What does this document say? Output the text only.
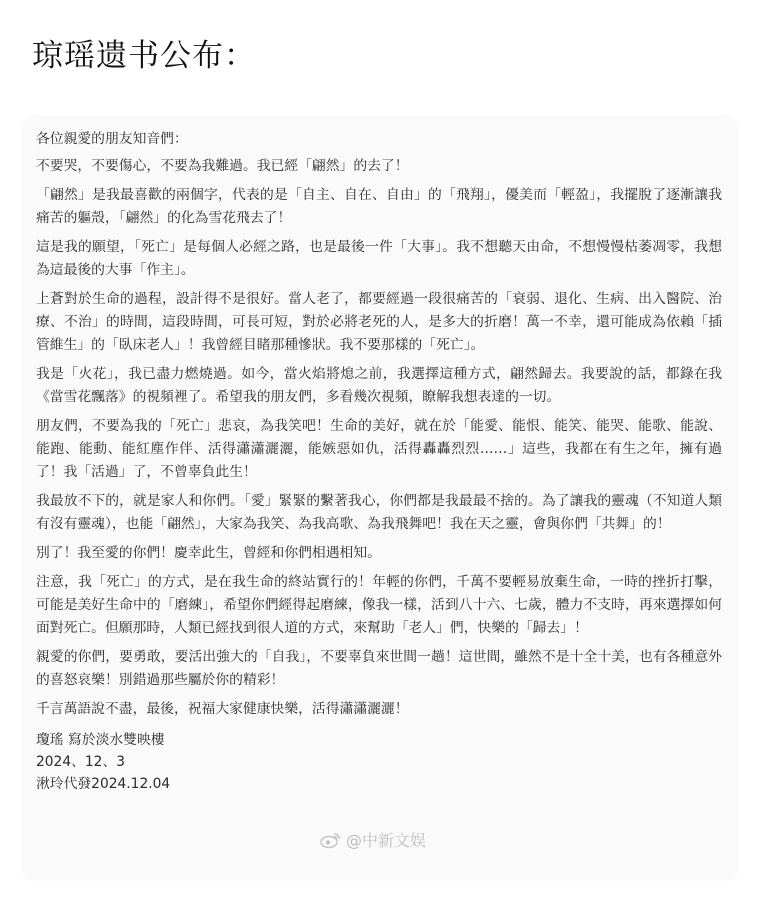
琼瑶遗书公布：
各位親愛的朋友知音們：
不要哭，不要傷心，不要為我難過。我已經「翩然」的去了！
「翩然」是我最喜歡的兩個字，代表的是「自主、自在、自由」的「飛翔」，優美而「輕盈」，我擺脫了逐漸讓我痛苦的軀殼，「翩然」的化為雪花飛去了！
這是我的願望，「死亡」是每個人必經之路，也是最後一件「大事」。我不想聽天由命，不想慢慢枯萎凋零，我想為這最後的大事「作主」。
上蒼對於生命的過程，設計得不是很好。當人老了，都要經過一段很痛苦的「衰弱、退化、生病、出入醫院、治療、不治」的時間，這段時間，可長可短，對於必將老死的人，是多大的折磨！萬一不幸，還可能成為依賴「插管維生」的「臥床老人」！我曾經目睹那種慘狀。我不要那樣的「死亡」。
我是「火花」，我已盡力燃燒過。如今，當火焰將熄之前，我選擇這種方式，翩然歸去。我要說的話，都錄在我《當雪花飄落》的視頻裡了。希望我的朋友們，多看幾次視頻，瞭解我想表達的一切。
朋友們，不要為我的「死亡」悲哀，為我笑吧！生命的美好，就在於「能愛、能恨、能笑、能哭、能歌、能說、能跑、能動、能紅塵作伴、活得瀟瀟灑灑，能嫉惡如仇，活得轟轟烈烈……」這些，我都在有生之年，擁有過了！我「活過」了，不曾辜負此生！
我最放不下的，就是家人和你們。「愛」緊緊的繫著我心，你們都是我最最不捨的。為了讓我的靈魂（不知道人類有沒有靈魂），也能「翩然」，大家為我笑、為我高歌、為我飛舞吧！我在天之靈，會與你們「共舞」的！
別了！我至愛的你們！慶幸此生，曾經和你們相遇相知。
注意，我「死亡」的方式，是在我生命的終站實行的！年輕的你們，千萬不要輕易放棄生命，一時的挫折打擊，可能是美好生命中的「磨練」，希望你們經得起磨練，像我一樣，活到八十六、七歲，體力不支時，再來選擇如何面對死亡。但願那時，人類已經找到很人道的方式，來幫助「老人」們，快樂的「歸去」！
親愛的你們，要勇敢，要活出強大的「自我」，不要辜負來世間一趟！這世間，雖然不是十全十美，也有各種意外的喜怒哀樂！別錯過那些屬於你的精彩！
千言萬語說不盡，最後，祝福大家健康快樂，活得瀟瀟灑灑！
瓊瑤 寫於淡水雙映樓
2024、12、3
湫玲代發2024.12.04
@中新文娱
